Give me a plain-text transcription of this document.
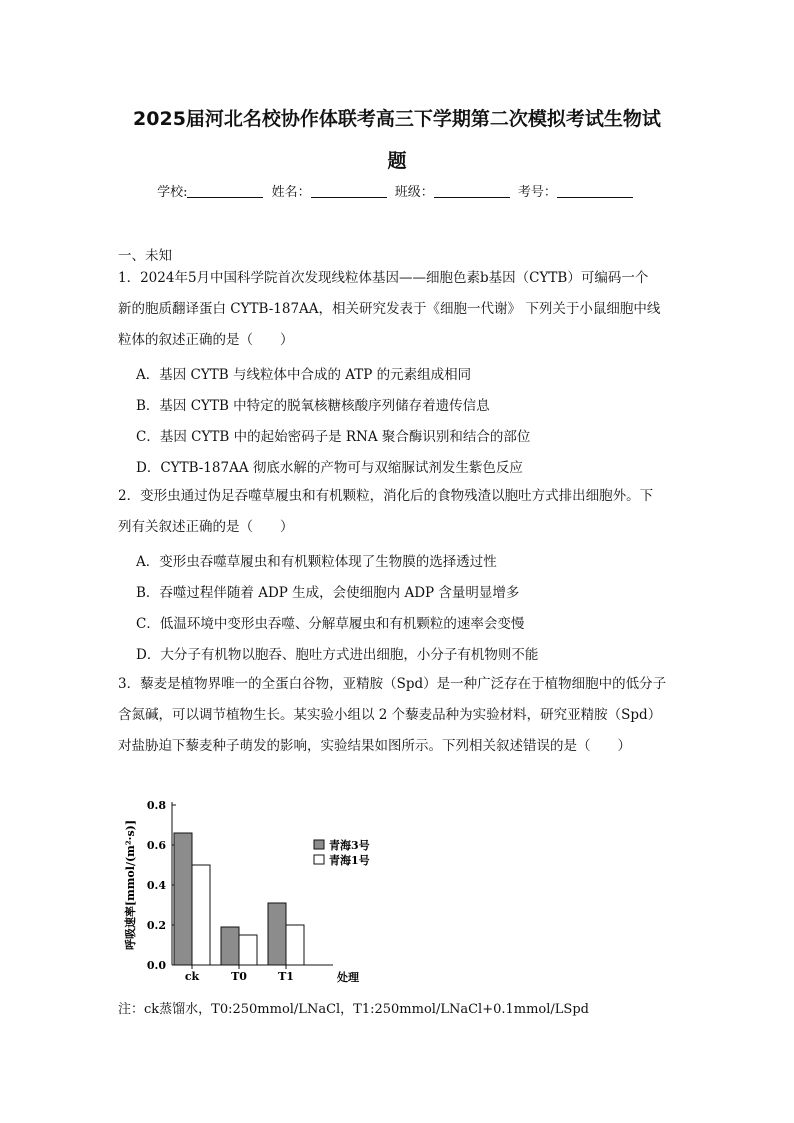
2025届河北名校协作体联考高三下学期第二次模拟考试生物试
题
学校:	姓名：	班级：	考号：
一、未知
1．2024年5月中国科学院首次发现线粒体基因——细胞色素b基因（CYTB）可编码一个
新的胞质翻译蛋白 CYTB-187AA，相关研究发表于《细胞一代谢》 下列关于小鼠细胞中线
粒体的叙述正确的是（　　）
A．基因 CYTB 与线粒体中合成的 ATP 的元素组成相同
B．基因 CYTB 中特定的脱氧核糖核酸序列储存着遗传信息
C．基因 CYTB 中的起始密码子是 RNA 聚合酶识别和结合的部位
D．CYTB-187AA 彻底水解的产物可与双缩脲试剂发生紫色反应
2．变形虫通过伪足吞噬草履虫和有机颗粒，消化后的食物残渣以胞吐方式排出细胞外。下
列有关叙述正确的是（　　）
A．变形虫吞噬草履虫和有机颗粒体现了生物膜的选择透过性
B．吞噬过程伴随着 ADP 生成，会使细胞内 ADP 含量明显增多
C．低温环境中变形虫吞噬、分解草履虫和有机颗粒的速率会变慢
D．大分子有机物以胞吞、胞吐方式进出细胞，小分子有机物则不能
3．藜麦是植物界唯一的全蛋白谷物，亚精胺（Spd）是一种广泛存在于植物细胞中的低分子
含氮碱，可以调节植物生长。某实验小组以 2 个藜麦品种为实验材料，研究亚精胺（Spd）
对盐胁迫下藜麦种子萌发的影响，实验结果如图所示。下列相关叙述错误的是（　　）
0.0
0.2
0.4
0.6
0.8
呼吸速率[mmol/(m²·s)]
ck	T0	T1	处理
青海3号
青海1号
注：ck蒸馏水，T0:250mmol/LNaCl，T1:250mmol/LNaCl+0.1mmol/LSpd
